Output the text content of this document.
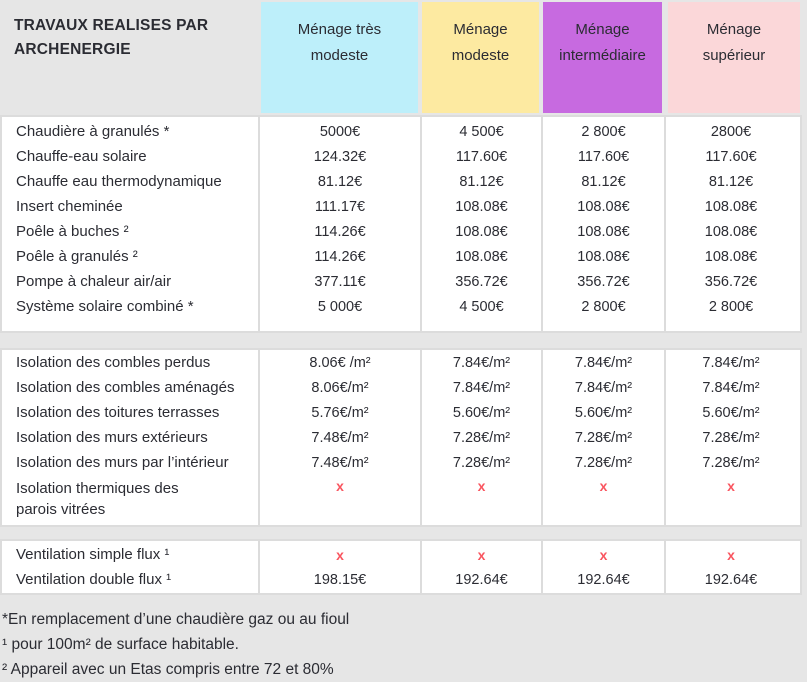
TRAVAUX REALISES PAR ARCHENERGIE
Ménage très modeste
Ménage modeste
Ménage intermédiaire
Ménage supérieur
Chaudière à granulés *
Chauffe-eau solaire
Chauffe eau thermodynamique
Insert cheminée
Poêle à buches ²
Poêle à granulés ²
Pompe à chaleur air/air
Système solaire combiné *
5000€
124.32€
81.12€
111.17€
114.26€
114.26€
377.11€
5 000€
4 500€
117.60€
81.12€
108.08€
108.08€
108.08€
356.72€
4 500€
2 800€
117.60€
81.12€
108.08€
108.08€
108.08€
356.72€
2 800€
2800€
117.60€
81.12€
108.08€
108.08€
108.08€
356.72€
2 800€
Isolation des combles perdus
Isolation des combles aménagés
Isolation des toitures terrasses
Isolation des murs extérieurs
Isolation des murs par l’intérieur
Isolation thermiques des parois vitrées
8.06€ /m²
8.06€/m²
5.76€/m²
7.48€/m²
7.48€/m²
x
7.84€/m²
7.84€/m²
5.60€/m²
7.28€/m²
7.28€/m²
x
7.84€/m²
7.84€/m²
5.60€/m²
7.28€/m²
7.28€/m²
x
7.84€/m²
7.84€/m²
5.60€/m²
7.28€/m²
7.28€/m²
x
Ventilation simple flux ¹
Ventilation double flux ¹
x
198.15€
x
192.64€
x
192.64€
x
192.64€
*En remplacement d’une chaudière gaz ou au fioul
¹ pour 100m² de surface habitable.
² Appareil avec un Etas compris entre 72 et 80%
